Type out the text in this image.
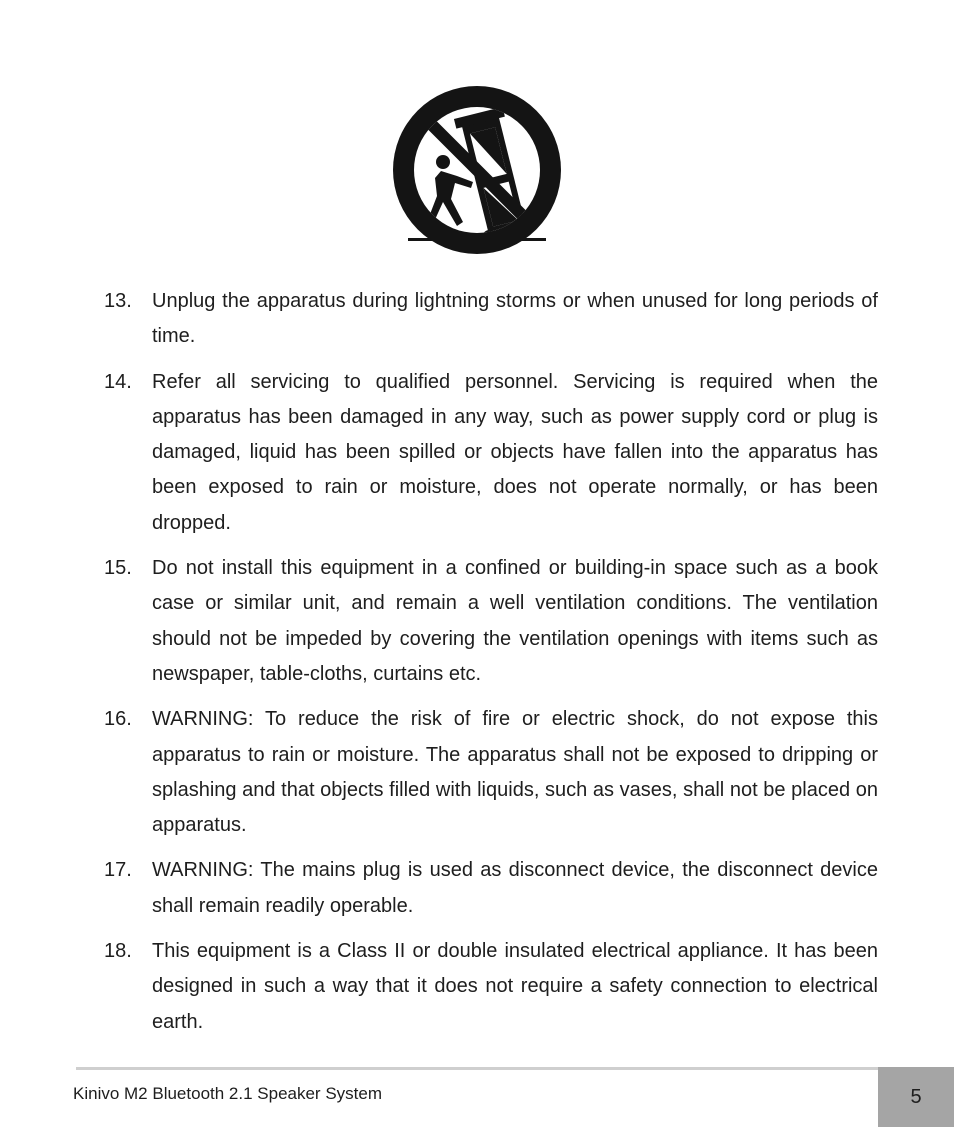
13.	Unplug the apparatus during lightning storms or when unused for long periods of time.
14.	Refer all servicing to qualified personnel. Servicing is required when the apparatus has been damaged in any way, such as power supply cord or plug is damaged, liquid has been spilled or objects have fallen into the apparatus has been exposed to rain or moisture, does not operate normally, or has been dropped.
15.	Do not install this equipment in a confined or building-in space such as a book case or similar unit, and remain a well ventilation conditions. The ventilation should not be impeded by covering the ventilation openings with items such as newspaper, table-cloths, curtains etc.
16.	WARNING: To reduce the risk of fire or electric shock, do not expose this apparatus to rain or moisture. The apparatus shall not be exposed to dripping or splashing and that objects filled with liquids, such as vases, shall not be placed on apparatus.
17.	WARNING: The mains plug is used as disconnect device, the disconnect device shall remain readily operable.
18.	This equipment is a Class II or double insulated electrical appliance. It has been designed in such a way that it does not require a safety connection to electrical earth.
Kinivo M2 Bluetooth 2.1 Speaker System	5
